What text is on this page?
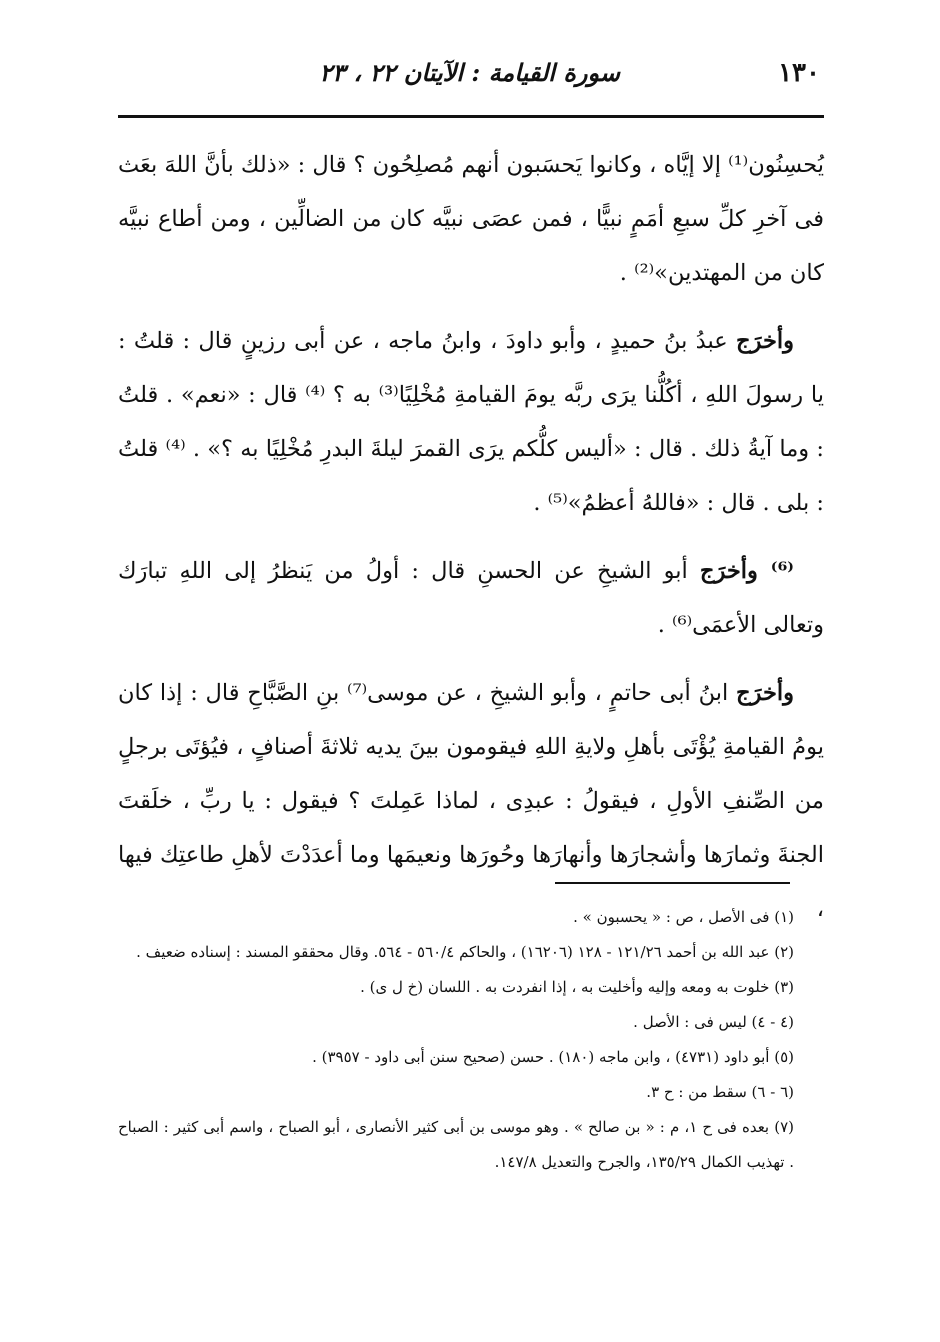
١٣٠
سورة القيامة : الآيتان ٢٢ ، ٢٣

يُحسِنُون⁽¹⁾ إلا إيَّاه ، وكانوا يَحسَبون أنهم مُصلِحُون ؟ قال : «ذلك بأنَّ اللهَ بعَث فى آخرِ كلِّ سبعِ أمَمٍ نبيًّا ، فمن عصَى نبيَّه كان من الضالِّين ، ومن أطاع نبيَّه كان من المهتدين»⁽²⁾ .

وأخرَج عبدُ بنُ حميدٍ ، وأبو داودَ ، وابنُ ماجه ، عن أبى رزينٍ قال : قلتُ : يا رسولَ اللهِ ، أكُلُّنا يرَى ربَّه يومَ القيامةِ مُخْلِيًا⁽³⁾ به ؟ ⁽⁴⁾ قال : «نعم» . قلتُ : وما آيةُ ذلك . قال : «أليس كلُّكم يرَى القمرَ ليلةَ البدرِ مُخْلِيًا به ؟» . ⁽⁴⁾ قلتُ : بلى . قال : «فاللهُ أعظمُ»⁽⁵⁾ .

⁽⁶⁾ وأخرَج أبو الشيخِ عن الحسنِ قال : أولُ من يَنظرُ إلى اللهِ تبارَك وتعالى الأعمَى⁽⁶⁾ .

وأخرَج ابنُ أبى حاتمٍ ، وأبو الشيخِ ، عن موسى⁽⁷⁾ بنِ الصَّبَّاحِ قال : إذا كان يومُ القيامةِ يُؤْتَى بأهلِ ولايةِ اللهِ فيقومون بينَ يديه ثلاثةَ أصنافٍ ، فيُؤتَى برجلٍ من الصِّنفِ الأولِ ، فيقولُ : عبدِى ، لماذا عَمِلتَ ؟ فيقول : يا ربِّ ، خلَقتَ الجنةَ وثمارَها وأشجارَها وأنهارَها وحُورَها ونعيمَها وما أعدَدْتَ لأهلِ طاعتِك فيها ،

(١) فى الأصل ، ص : « يحسبون » .

(٢) عبد الله بن أحمد ١٢١/٢٦ - ١٢٨ (١٦٢٠٦) ، والحاكم ٥٦٠/٤ - ٥٦٤. وقال محققو المسند : إسناده ضعيف .

(٣) خلوت به ومعه وإليه وأخليت به ، إذا انفردت به . اللسان (خ ل ى) .

(٤ - ٤) ليس فى : الأصل .

(٥) أبو داود (٤٧٣١) ، وابن ماجه (١٨٠) . حسن (صحيح سنن أبى داود - ٣٩٥٧) .

(٦ - ٦) سقط من : ح ٣.

(٧) بعده فى ح ١، م : « بن صالح » . وهو موسى بن أبى كثير الأنصارى ، أبو الصباح ، واسم أبى كثير : الصباح . تهذيب الكمال ١٣٥/٢٩، والجرح والتعديل ١٤٧/٨.
